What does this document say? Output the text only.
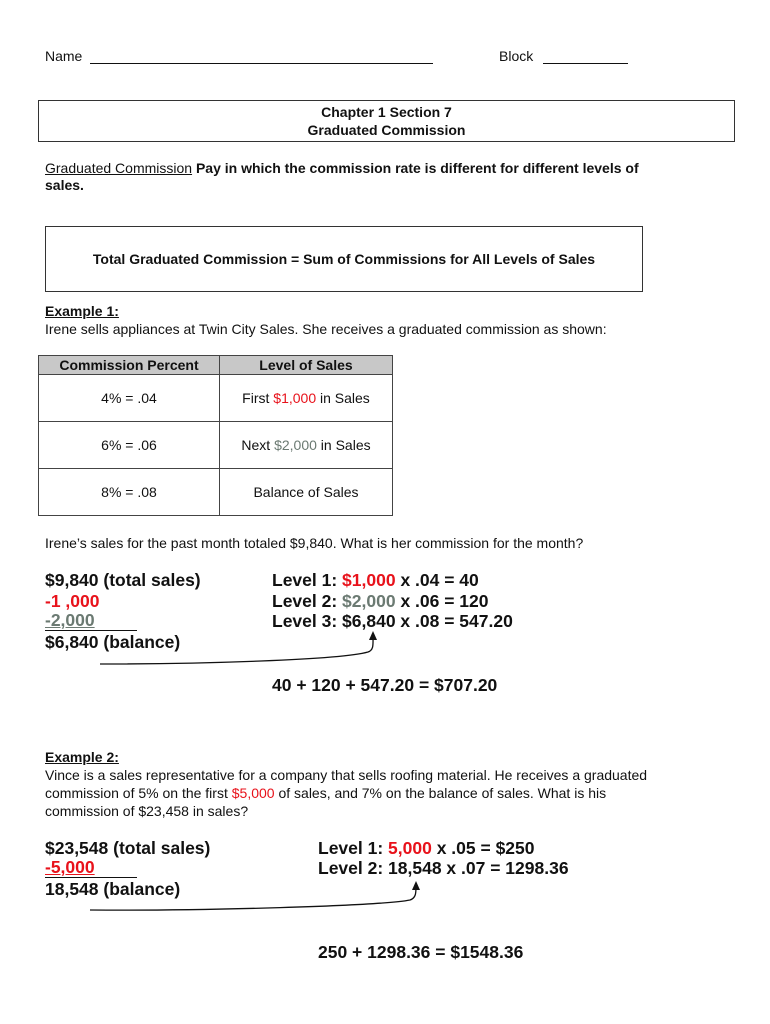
Name	Block
Chapter 1 Section 7
Graduated Commission
Graduated Commission Pay in which the commission rate is different for different levels of
sales.
Total Graduated Commission = Sum of Commissions for All Levels of Sales
Example 1:
Irene sells appliances at Twin City Sales. She receives a graduated commission as shown:
Commission Percent	Level of Sales
4% = .04	First $1,000 in Sales
6% = .06	Next $2,000 in Sales
8% = .08	Balance of Sales
Irene’s sales for the past month totaled $9,840. What is her commission for the month?
$9,840 (total sales)
-1 ,000
-2,000
$6,840 (balance)
Level 1: $1,000 x .04 = 40
Level 2: $2,000 x .06 = 120
Level 3: $6,840 x .08 = 547.20
40 + 120 + 547.20 = $707.20
Example 2:
Vince is a sales representative for a company that sells roofing material. He receives a graduated
commission of 5% on the first $5,000 of sales, and 7% on the balance of sales. What is his
commission of $23,458 in sales?
$23,548 (total sales)
-5,000
18,548 (balance)
Level 1: 5,000 x .05 = $250
Level 2: 18,548 x .07 = 1298.36
250 + 1298.36 = $1548.36
